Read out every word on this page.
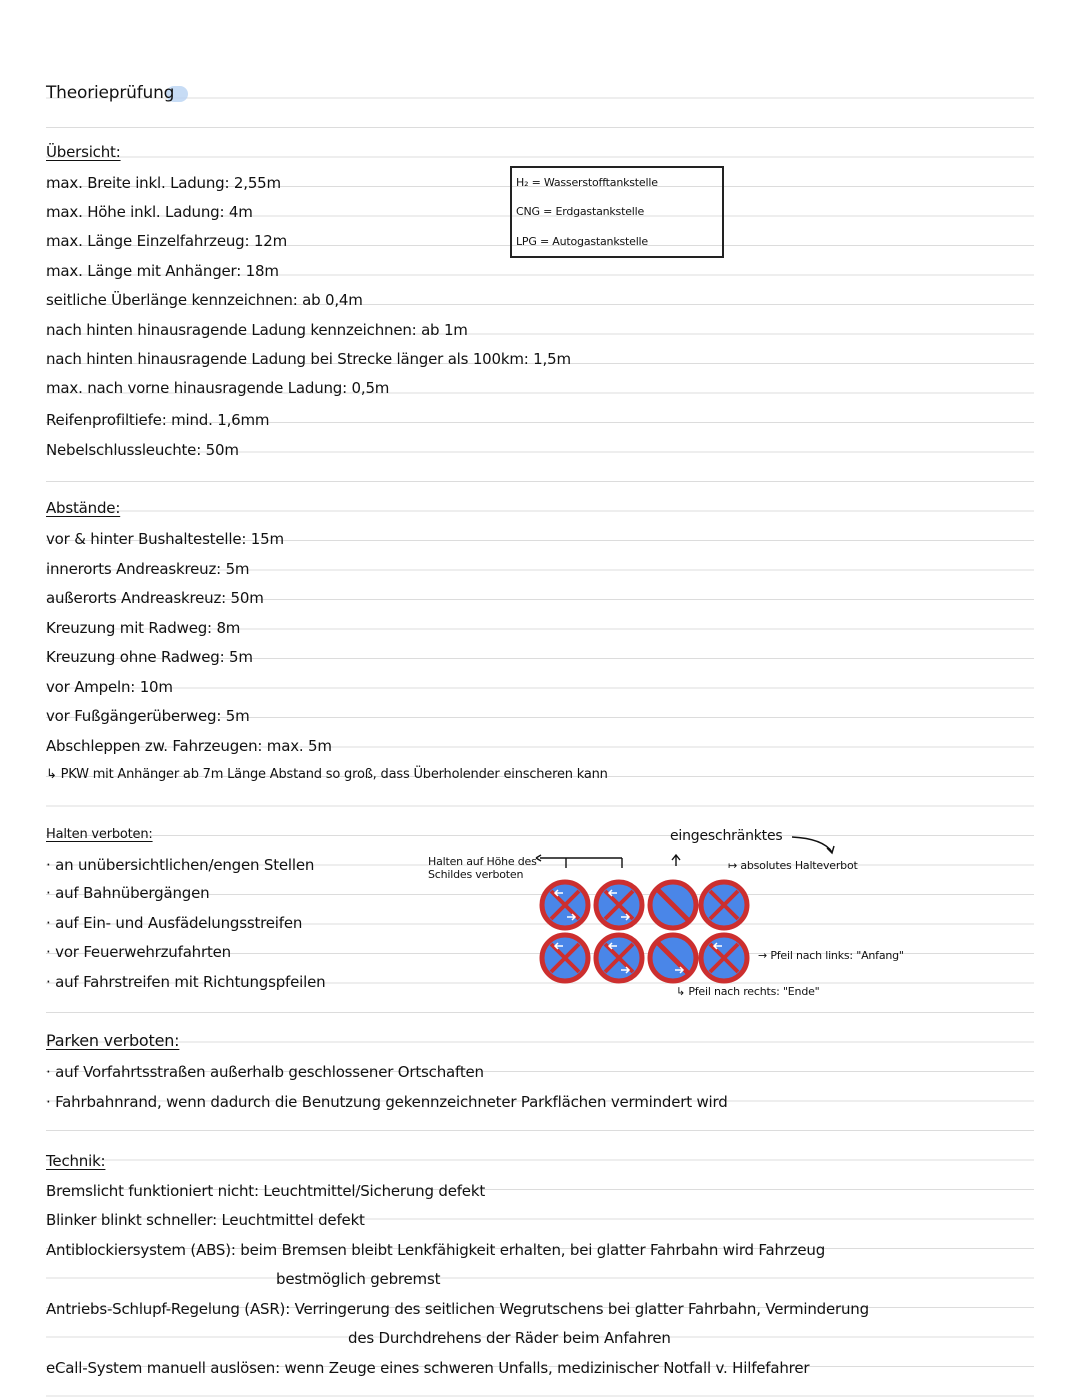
Theorieprüfung
Übersicht:
max. Breite inkl. Ladung: 2,55m
max. Höhe inkl. Ladung: 4m
max. Länge Einzelfahrzeug: 12m
max. Länge mit Anhänger: 18m
seitliche Überlänge kennzeichnen: ab 0,4m
nach hinten hinausragende Ladung kennzeichnen: ab 1m
nach hinten hinausragende Ladung bei Strecke länger als 100km: 1,5m
max. nach vorne hinausragende Ladung: 0,5m
Reifenprofiltiefe: mind. 1,6mm
Nebelschlussleuchte: 50m
H₂ = Wasserstofftankstelle
CNG = Erdgastankstelle
LPG = Autogastankstelle
Abstände:
vor & hinter Bushaltestelle: 15m
innerorts Andreaskreuz: 5m
außerorts Andreaskreuz: 50m
Kreuzung mit Radweg: 8m
Kreuzung ohne Radweg: 5m
vor Ampeln: 10m
vor Fußgängerüberweg: 5m
Abschleppen zw. Fahrzeugen: max. 5m
↳ PKW mit Anhänger ab 7m Länge Abstand so groß, dass Überholender einscheren kann
Halten verboten:
· an unübersichtlichen/engen Stellen
· auf Bahnübergängen
· auf Ein- und Ausfädelungsstreifen
· vor Feuerwehrzufahrten
· auf Fahrstreifen mit Richtungspfeilen
Halten auf Höhe des Schildes verboten
eingeschränktes
↦ absolutes Halteverbot
→ Pfeil nach links: "Anfang"
↳ Pfeil nach rechts: "Ende"
Parken verboten:
· auf Vorfahrtsstraßen außerhalb geschlossener Ortschaften
· Fahrbahnrand, wenn dadurch die Benutzung gekennzeichneter Parkflächen vermindert wird
Technik:
Bremslicht funktioniert nicht: Leuchtmittel/Sicherung defekt
Blinker blinkt schneller: Leuchtmittel defekt
Antiblockiersystem (ABS): beim Bremsen bleibt Lenkfähigkeit erhalten, bei glatter Fahrbahn wird Fahrzeug
bestmöglich gebremst
Antriebs-Schlupf-Regelung (ASR): Verringerung des seitlichen Wegrutschens bei glatter Fahrbahn, Verminderung
des Durchdrehens der Räder beim Anfahren
eCall-System manuell auslösen: wenn Zeuge eines schweren Unfalls, medizinischer Notfall v. Hilfefahrer
